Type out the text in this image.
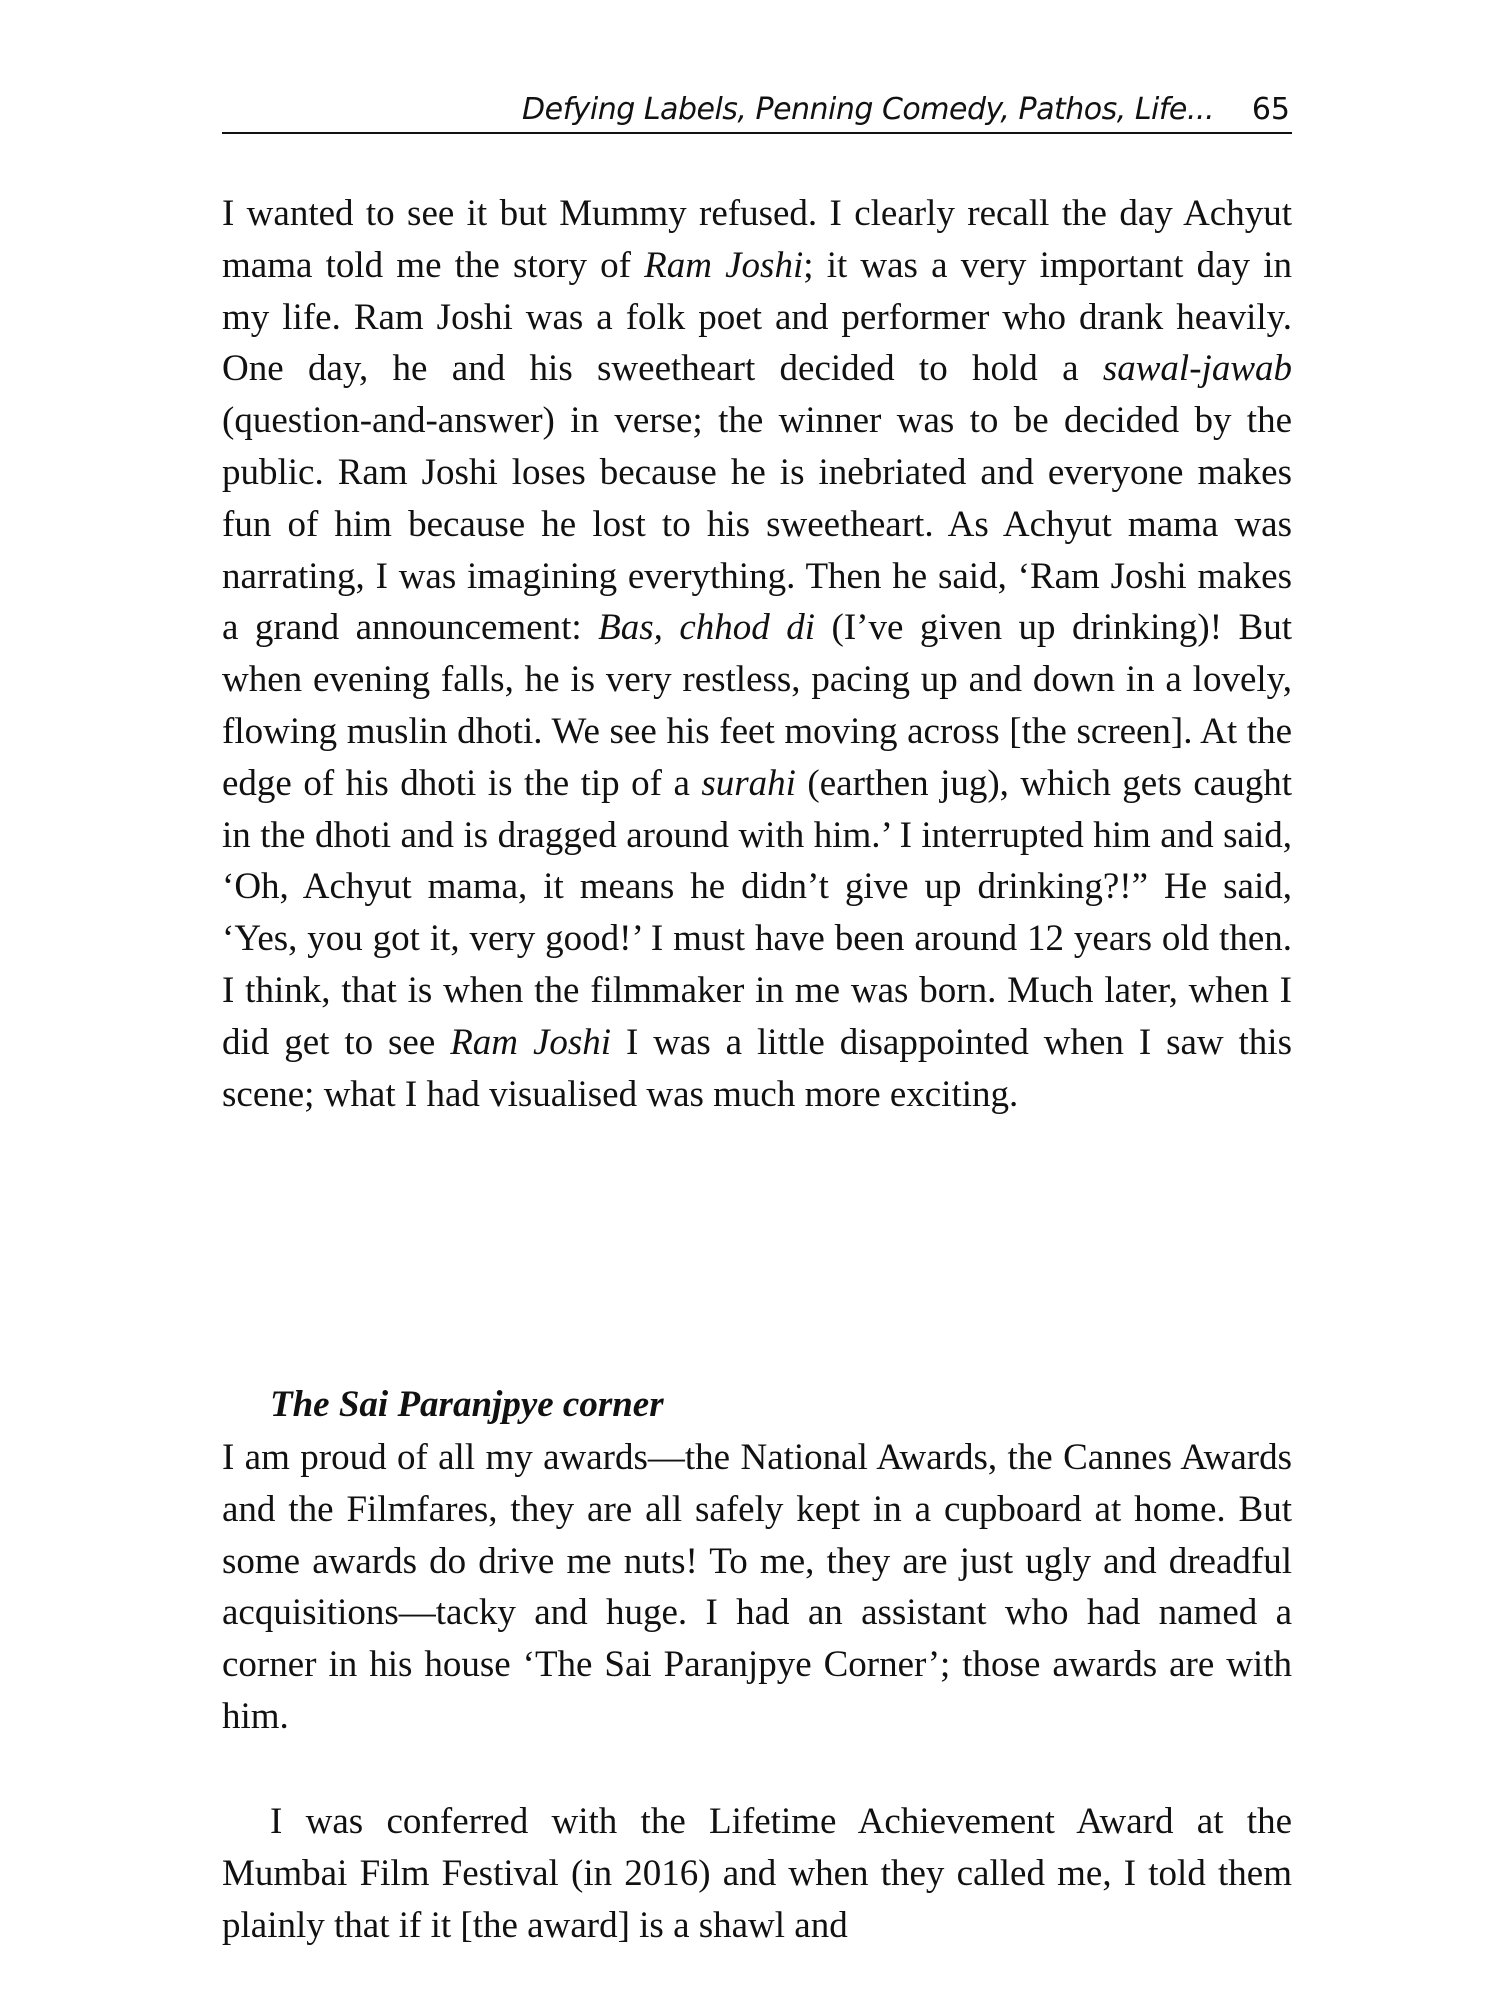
Defying Labels, Penning Comedy, Pathos, Life... 65

I wanted to see it but Mummy refused. I clearly recall the day Achyut mama told me the story of Ram Joshi; it was a very important day in my life. Ram Joshi was a folk poet and performer who drank heavily. One day, he and his sweetheart decided to hold a sawal-jawab (question-and-answer) in verse; the winner was to be decided by the public. Ram Joshi loses because he is inebriated and everyone makes fun of him because he lost to his sweetheart. As Achyut mama was narrating, I was imagining everything. Then he said, ‘Ram Joshi makes a grand announcement: Bas, chhod di (I’ve given up drinking)! But when evening falls, he is very restless, pacing up and down in a lovely, flowing muslin dhoti. We see his feet moving across [the screen]. At the edge of his dhoti is the tip of a surahi (earthen jug), which gets caught in the dhoti and is dragged around with him.’ I interrupted him and said, ‘Oh, Achyut mama, it means he didn’t give up drinking?!” He said, ‘Yes, you got it, very good!’ I must have been around 12 years old then. I think, that is when the filmmaker in me was born. Much later, when I did get to see Ram Joshi I was a little disappointed when I saw this scene; what I had visualised was much more exciting.

The Sai Paranjpye corner

I am proud of all my awards—the National Awards, the Cannes Awards and the Filmfares, they are all safely kept in a cupboard at home. But some awards do drive me nuts! To me, they are just ugly and dreadful acquisitions—tacky and huge. I had an assistant who had named a corner in his house ‘The Sai Paranjpye Corner’; those awards are with him.

I was conferred with the Lifetime Achievement Award at the Mumbai Film Festival (in 2016) and when they called me, I told them plainly that if it [the award] is a shawl and
